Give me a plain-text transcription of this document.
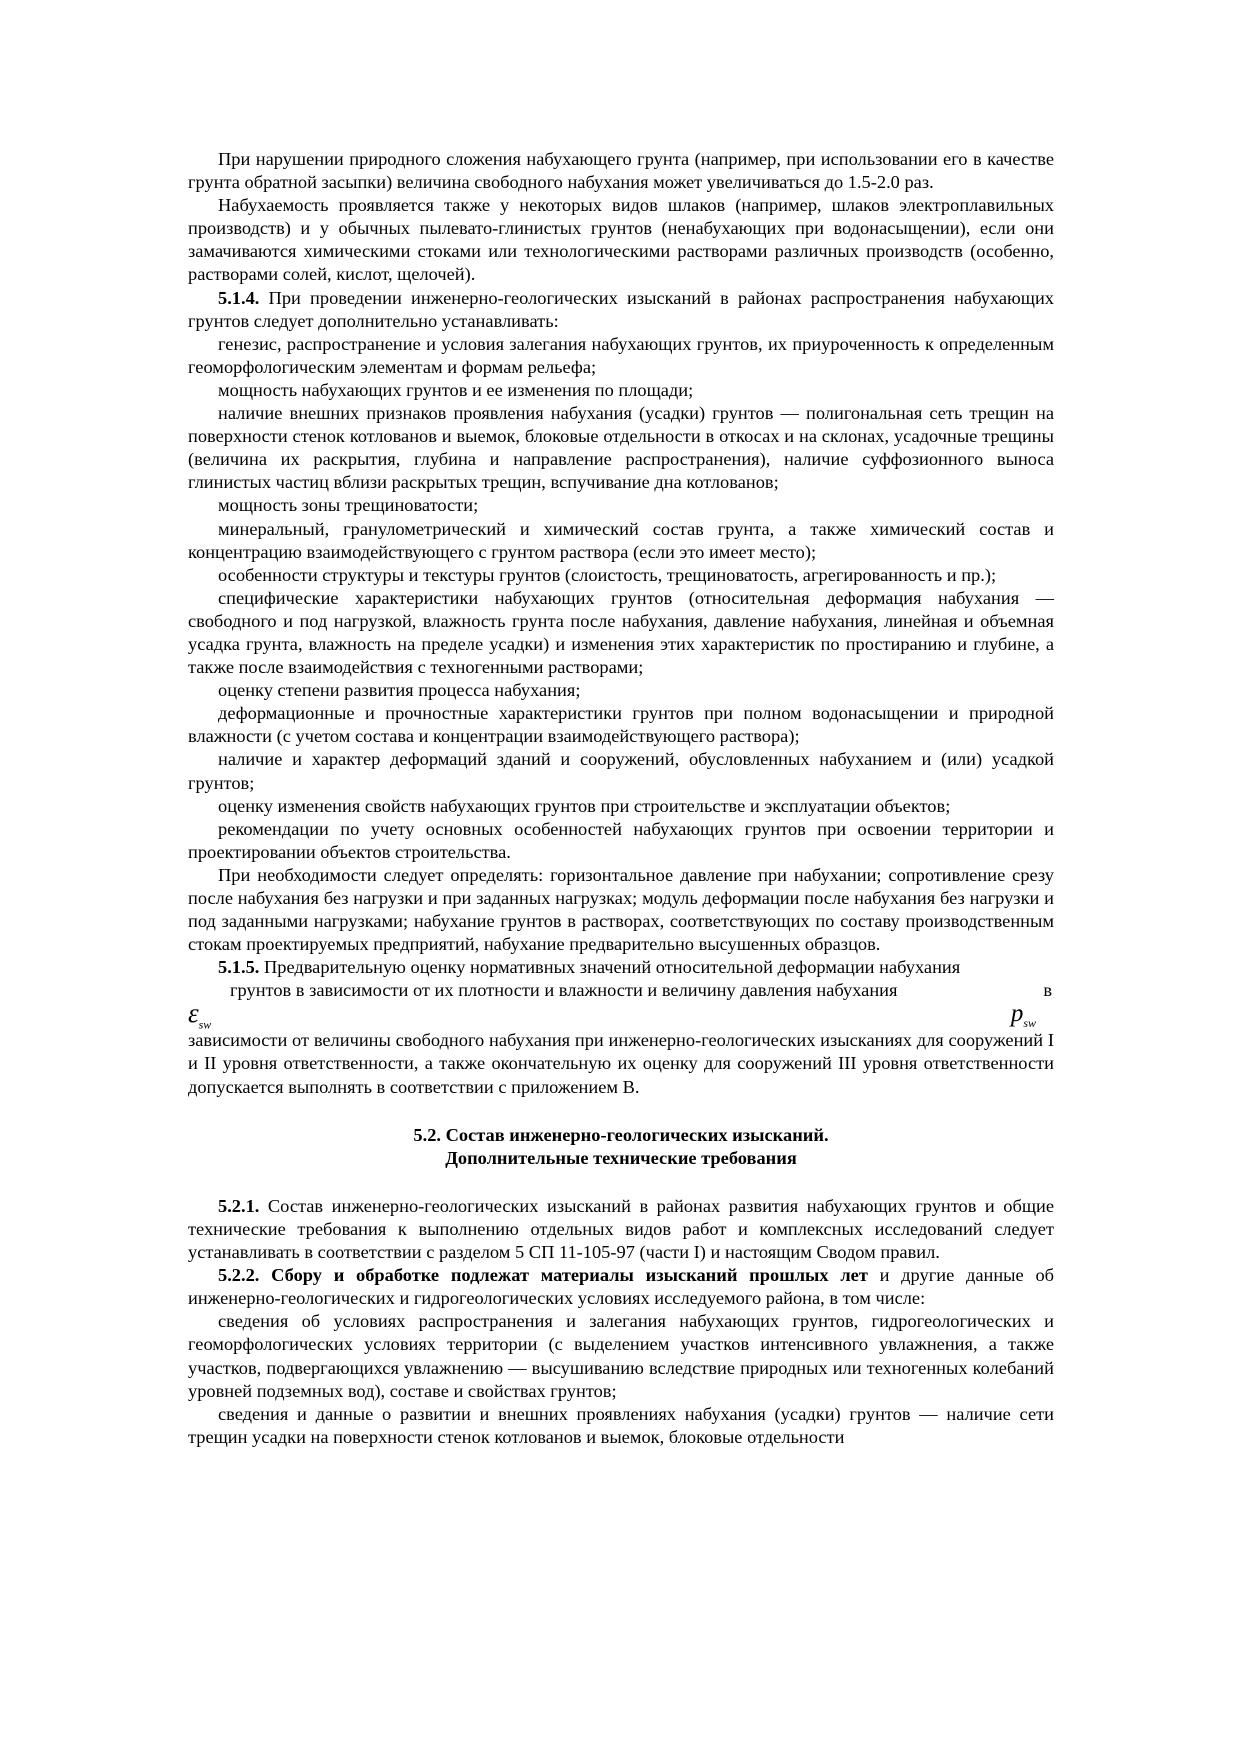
При нарушении природного сложения набухающего грунта (например, при использовании его в качестве грунта обратной засыпки) величина свободного набухания может увеличиваться до 1.5-2.0 раз.

Набухаемость проявляется также у некоторых видов шлаков (например, шлаков электроплавильных производств) и у обычных пылевато-глинистых грунтов (ненабухающих при водонасыщении), если они замачиваются химическими стоками или технологическими растворами различных производств (особенно, растворами солей, кислот, щелочей).

5.1.4. При проведении инженерно-геологических изысканий в районах распространения набухающих грунтов следует дополнительно устанавливать:

генезис, распространение и условия залегания набухающих грунтов, их приуроченность к определенным геоморфологическим элементам и формам рельефа;

мощность набухающих грунтов и ее изменения по площади;

наличие внешних признаков проявления набухания (усадки) грунтов — полигональная сеть трещин на поверхности стенок котлованов и выемок, блоковые отдельности в откосах и на склонах, усадочные трещины (величина их раскрытия, глубина и направление распространения), наличие суффозионного выноса глинистых частиц вблизи раскрытых трещин, вспучивание дна котлованов;

мощность зоны трещиноватости;

минеральный, гранулометрический и химический состав грунта, а также химический состав и концентрацию взаимодействующего с грунтом раствора (если это имеет место);

особенности структуры и текстуры грунтов (слоистость, трещиноватость, агрегированность и пр.);

специфические характеристики набухающих грунтов (относительная деформация набухания — свободного и под нагрузкой, влажность грунта после набухания, давление набухания, линейная и объемная усадка грунта, влажность на пределе усадки) и изменения этих характеристик по простиранию и глубине, а также после взаимодействия с техногенными растворами;

оценку степени развития процесса набухания;

деформационные и прочностные характеристики грунтов при полном водонасыщении и природной влажности (с учетом состава и концентрации взаимодействующего раствора);

наличие и характер деформаций зданий и сооружений, обусловленных набуханием и (или) усадкой грунтов;

оценку изменения свойств набухающих грунтов при строительстве и эксплуатации объектов;

рекомендации по учету основных особенностей набухающих грунтов при освоении территории и проектировании объектов строительства.

При необходимости следует определять: горизонтальное давление при набухании; сопротивление срезу после набухания без нагрузки и при заданных нагрузках; модуль деформации после набухания без нагрузки и под заданными нагрузками; набухание грунтов в растворах, соответствующих по составу производственным стокам проектируемых предприятий, набухание предварительно высушенных образцов.

5.1.5. Предварительную оценку нормативных значений относительной деформации набухания

грунтов в зависимости от их плотности и влажности и величину давления набухания	в
$\varepsilon_{sw}$	$p_{sw}$

зависимости от величины свободного набухания при инженерно-геологических изысканиях для сооружений I и II уровня ответственности, а также окончательную их оценку для сооружений III уровня ответственности допускается выполнять в соответствии с приложением В.

5.2. Состав инженерно-геологических изысканий.
Дополнительные технические требования

5.2.1. Состав инженерно-геологических изысканий в районах развития набухающих грунтов и общие технические требования к выполнению отдельных видов работ и комплексных исследований следует устанавливать в соответствии с разделом 5 СП 11-105-97 (части I) и настоящим Сводом правил.

5.2.2. Сбору и обработке подлежат материалы изысканий прошлых лет и другие данные об инженерно-геологических и гидрогеологических условиях исследуемого района, в том числе:

сведения об условиях распространения и залегания набухающих грунтов, гидрогеологических и геоморфологических условиях территории (с выделением участков интенсивного увлажнения, а также участков, подвергающихся увлажнению — высушиванию вследствие природных или техногенных колебаний уровней подземных вод), составе и свойствах грунтов;

сведения и данные о развитии и внешних проявлениях набухания (усадки) грунтов — наличие сети трещин усадки на поверхности стенок котлованов и выемок, блоковые отдельности
